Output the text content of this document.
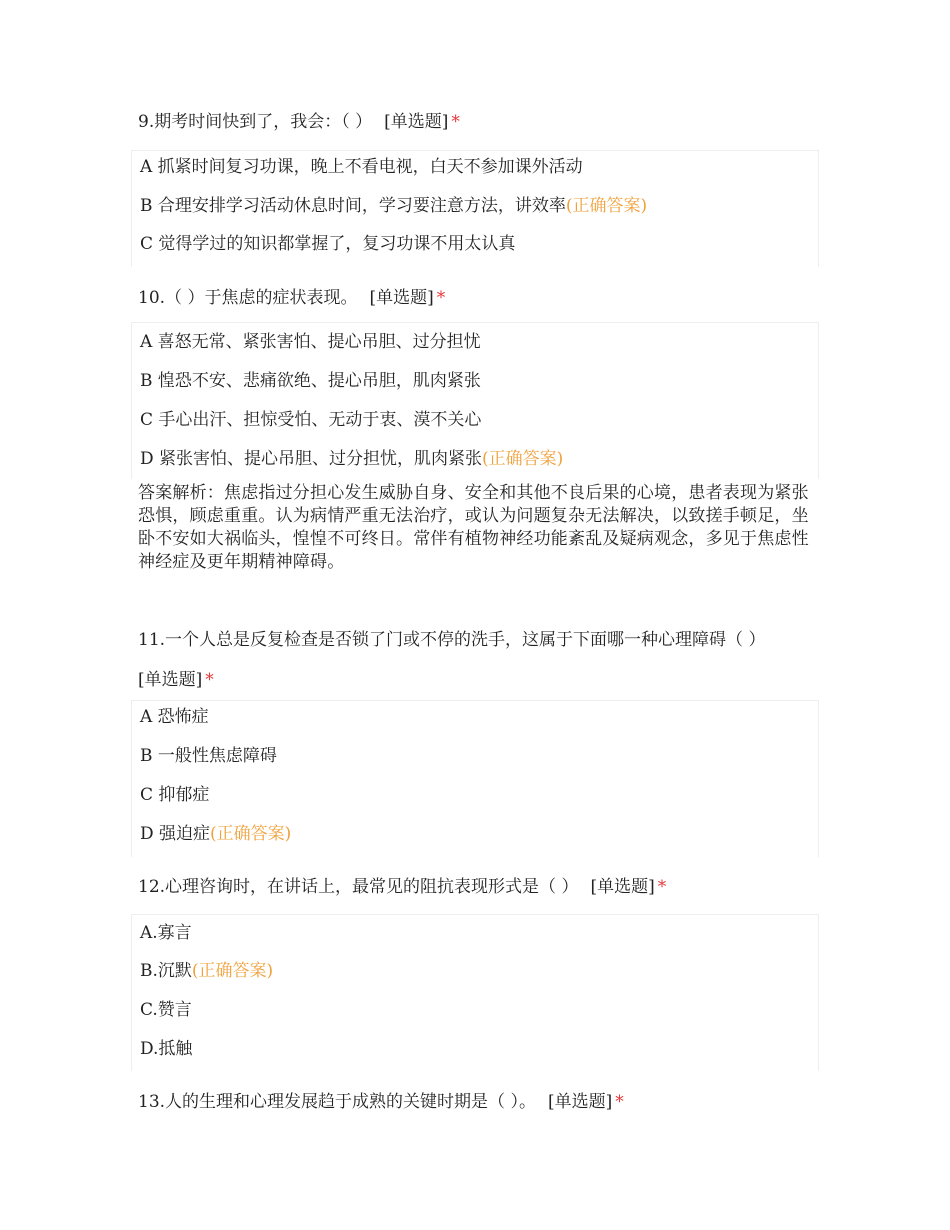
9.期考时间快到了，我会：（ ） [单选题] *
A 抓紧时间复习功课，晚上不看电视，白天不参加课外活动
B 合理安排学习活动休息时间，学习要注意方法，讲效率(正确答案)
C 觉得学过的知识都掌握了，复习功课不用太认真
10.（ ）于焦虑的症状表现。 [单选题] *
A 喜怒无常、紧张害怕、提心吊胆、过分担忧
B 惶恐不安、悲痛欲绝、提心吊胆，肌肉紧张
C 手心出汗、担惊受怕、无动于衷、漠不关心
D 紧张害怕、提心吊胆、过分担忧，肌肉紧张(正确答案)
答案解析：焦虑指过分担心发生威胁自身、安全和其他不良后果的心境，患者表现为紧张恐惧，顾虑重重。认为病情严重无法治疗，或认为问题复杂无法解决，以致搓手顿足，坐卧不安如大祸临头，惶惶不可终日。常伴有植物神经功能紊乱及疑病观念，多见于焦虑性神经症及更年期精神障碍。
11.一个人总是反复检查是否锁了门或不停的洗手，这属于下面哪一种心理障碍（ ）
[单选题] *
A 恐怖症
B 一般性焦虑障碍
C 抑郁症
D 强迫症(正确答案)
12.心理咨询时，在讲话上，最常见的阻抗表现形式是（ ） [单选题] *
A.寡言
B.沉默(正确答案)
C.赞言
D.抵触
13.人的生理和心理发展趋于成熟的关键时期是（ ）。 [单选题] *
